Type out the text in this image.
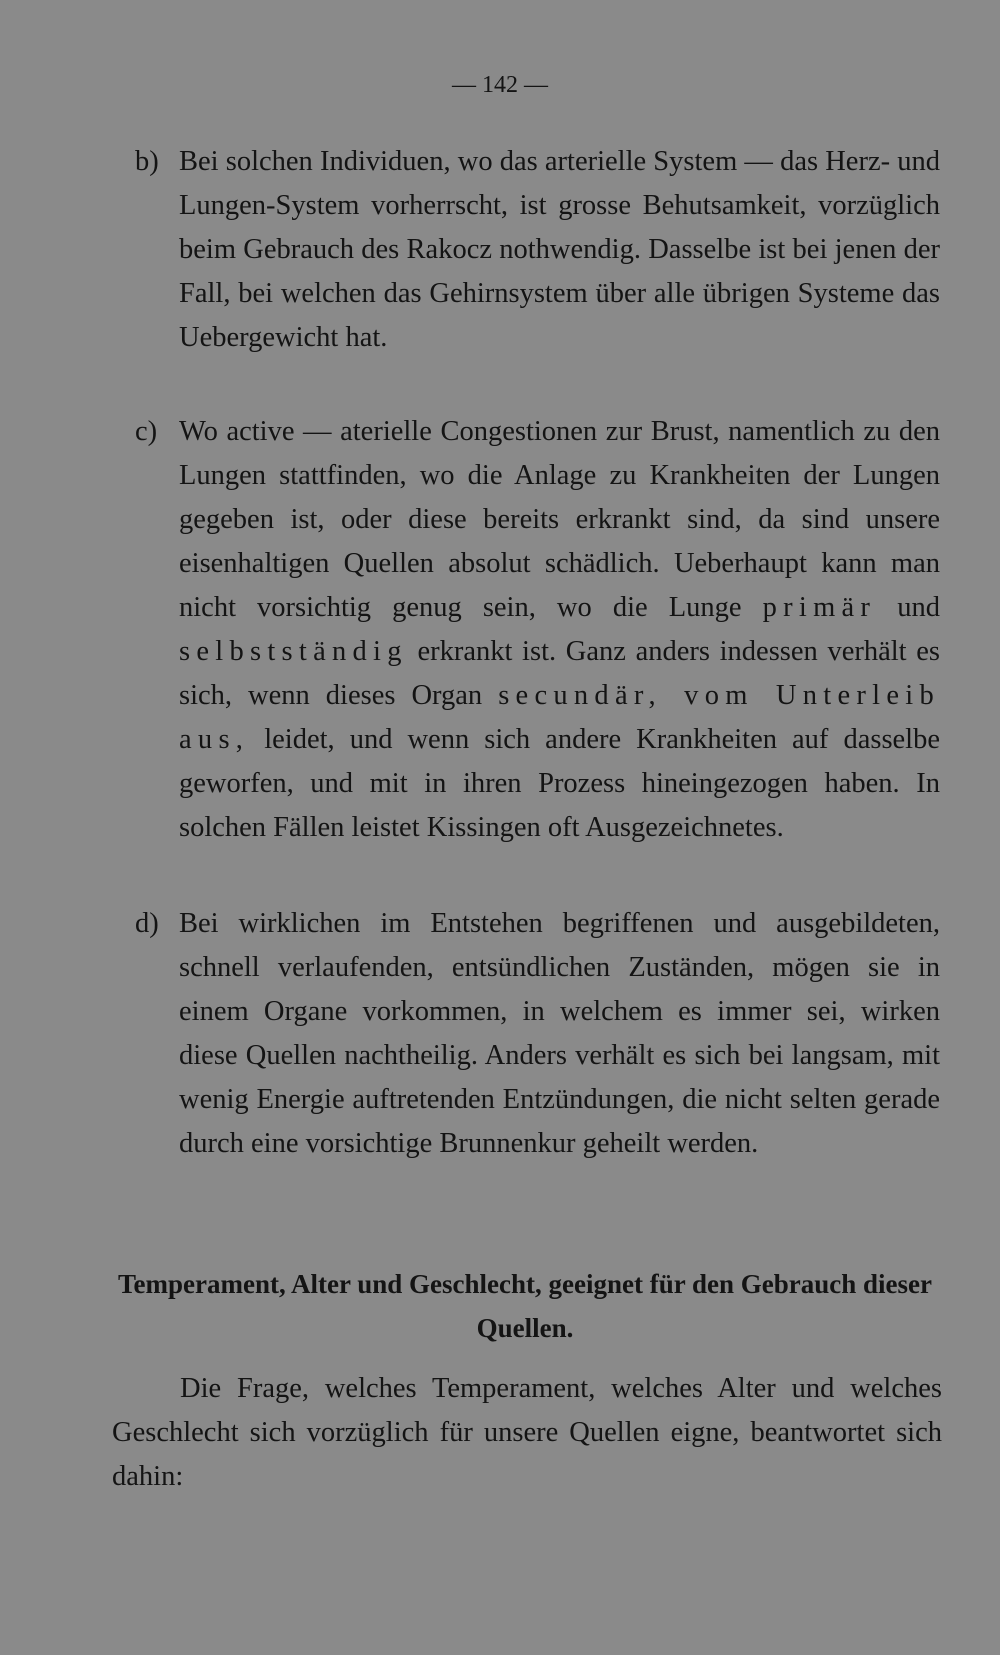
— 142 —
b) Bei solchen Individuen, wo das arterielle System — das Herz- und Lungen-System vorherrscht, ist grosse Behutsamkeit, vorzüglich beim Gebrauch des Rakocz nothwendig. Dasselbe ist bei jenen der Fall, bei welchen das Gehirnsystem über alle übrigen Systeme das Uebergewicht hat.
c) Wo active — aterielle Congestionen zur Brust, namentlich zu den Lungen stattfinden, wo die Anlage zu Krankheiten der Lungen gegeben ist, oder diese bereits erkrankt sind, da sind unsere eisenhaltigen Quellen absolut schädlich. Ueberhaupt kann man nicht vorsichtig genug sein, wo die Lunge primär und selbstständig erkrankt ist. Ganz anders indessen verhält es sich, wenn dieses Organ secundär, vom Unterleib aus, leidet, und wenn sich andere Krankheiten auf dasselbe geworfen, und mit in ihren Prozess hineingezogen haben. In solchen Fällen leistet Kissingen oft Ausgezeichnetes.
d) Bei wirklichen im Entstehen begriffenen und ausgebildeten, schnell verlaufenden, entsündlichen Zuständen, mögen sie in einem Organe vorkommen, in welchem es immer sei, wirken diese Quellen nachtheilig. Anders verhält es sich bei langsam, mit wenig Energie auftretenden Entzündungen, die nicht selten gerade durch eine vorsichtige Brunnenkur geheilt werden.
Temperament, Alter und Geschlecht, geeignet für den Gebrauch dieser Quellen.
Die Frage, welches Temperament, welches Alter und welches Geschlecht sich vorzüglich für unsere Quellen eigne, beantwortet sich dahin:
